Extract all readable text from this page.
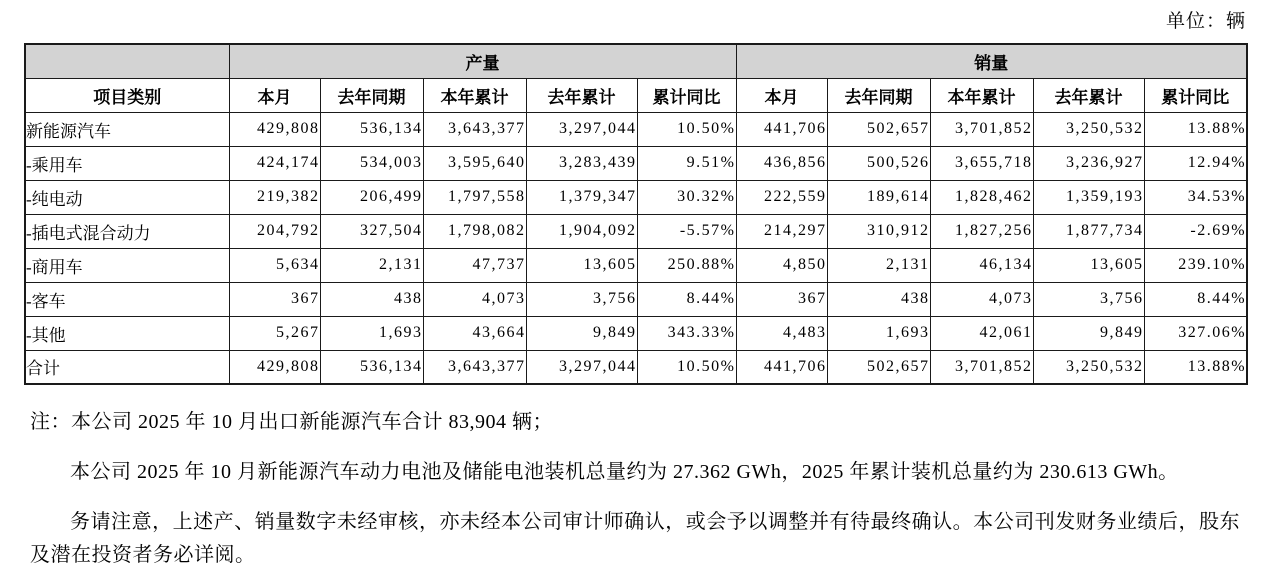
单位：辆
	产量					销量				
项目类别	本月	去年同期	本年累计	去年累计	累计同比	本月	去年同期	本年累计	去年累计	累计同比
新能源汽车	429,808	536,134	3,643,377	3,297,044	10.50%	441,706	502,657	3,701,852	3,250,532	13.88%
-乘用车	424,174	534,003	3,595,640	3,283,439	9.51%	436,856	500,526	3,655,718	3,236,927	12.94%
-纯电动	219,382	206,499	1,797,558	1,379,347	30.32%	222,559	189,614	1,828,462	1,359,193	34.53%
-插电式混合动力	204,792	327,504	1,798,082	1,904,092	-5.57%	214,297	310,912	1,827,256	1,877,734	-2.69%
-商用车	5,634	2,131	47,737	13,605	250.88%	4,850	2,131	46,134	13,605	239.10%
-客车	367	438	4,073	3,756	8.44%	367	438	4,073	3,756	8.44%
-其他	5,267	1,693	43,664	9,849	343.33%	4,483	1,693	42,061	9,849	327.06%
合计	429,808	536,134	3,643,377	3,297,044	10.50%	441,706	502,657	3,701,852	3,250,532	13.88%

注：本公司 2025 年 10 月出口新能源汽车合计 83,904 辆；

本公司 2025 年 10 月新能源汽车动力电池及储能电池装机总量约为 27.362 GWh，2025 年累计装机总量约为 230.613 GWh。

务请注意，上述产、销量数字未经审核，亦未经本公司审计师确认，或会予以调整并有待最终确认。本公司刊发财务业绩后，股东及潜在投资者务必详阅。
